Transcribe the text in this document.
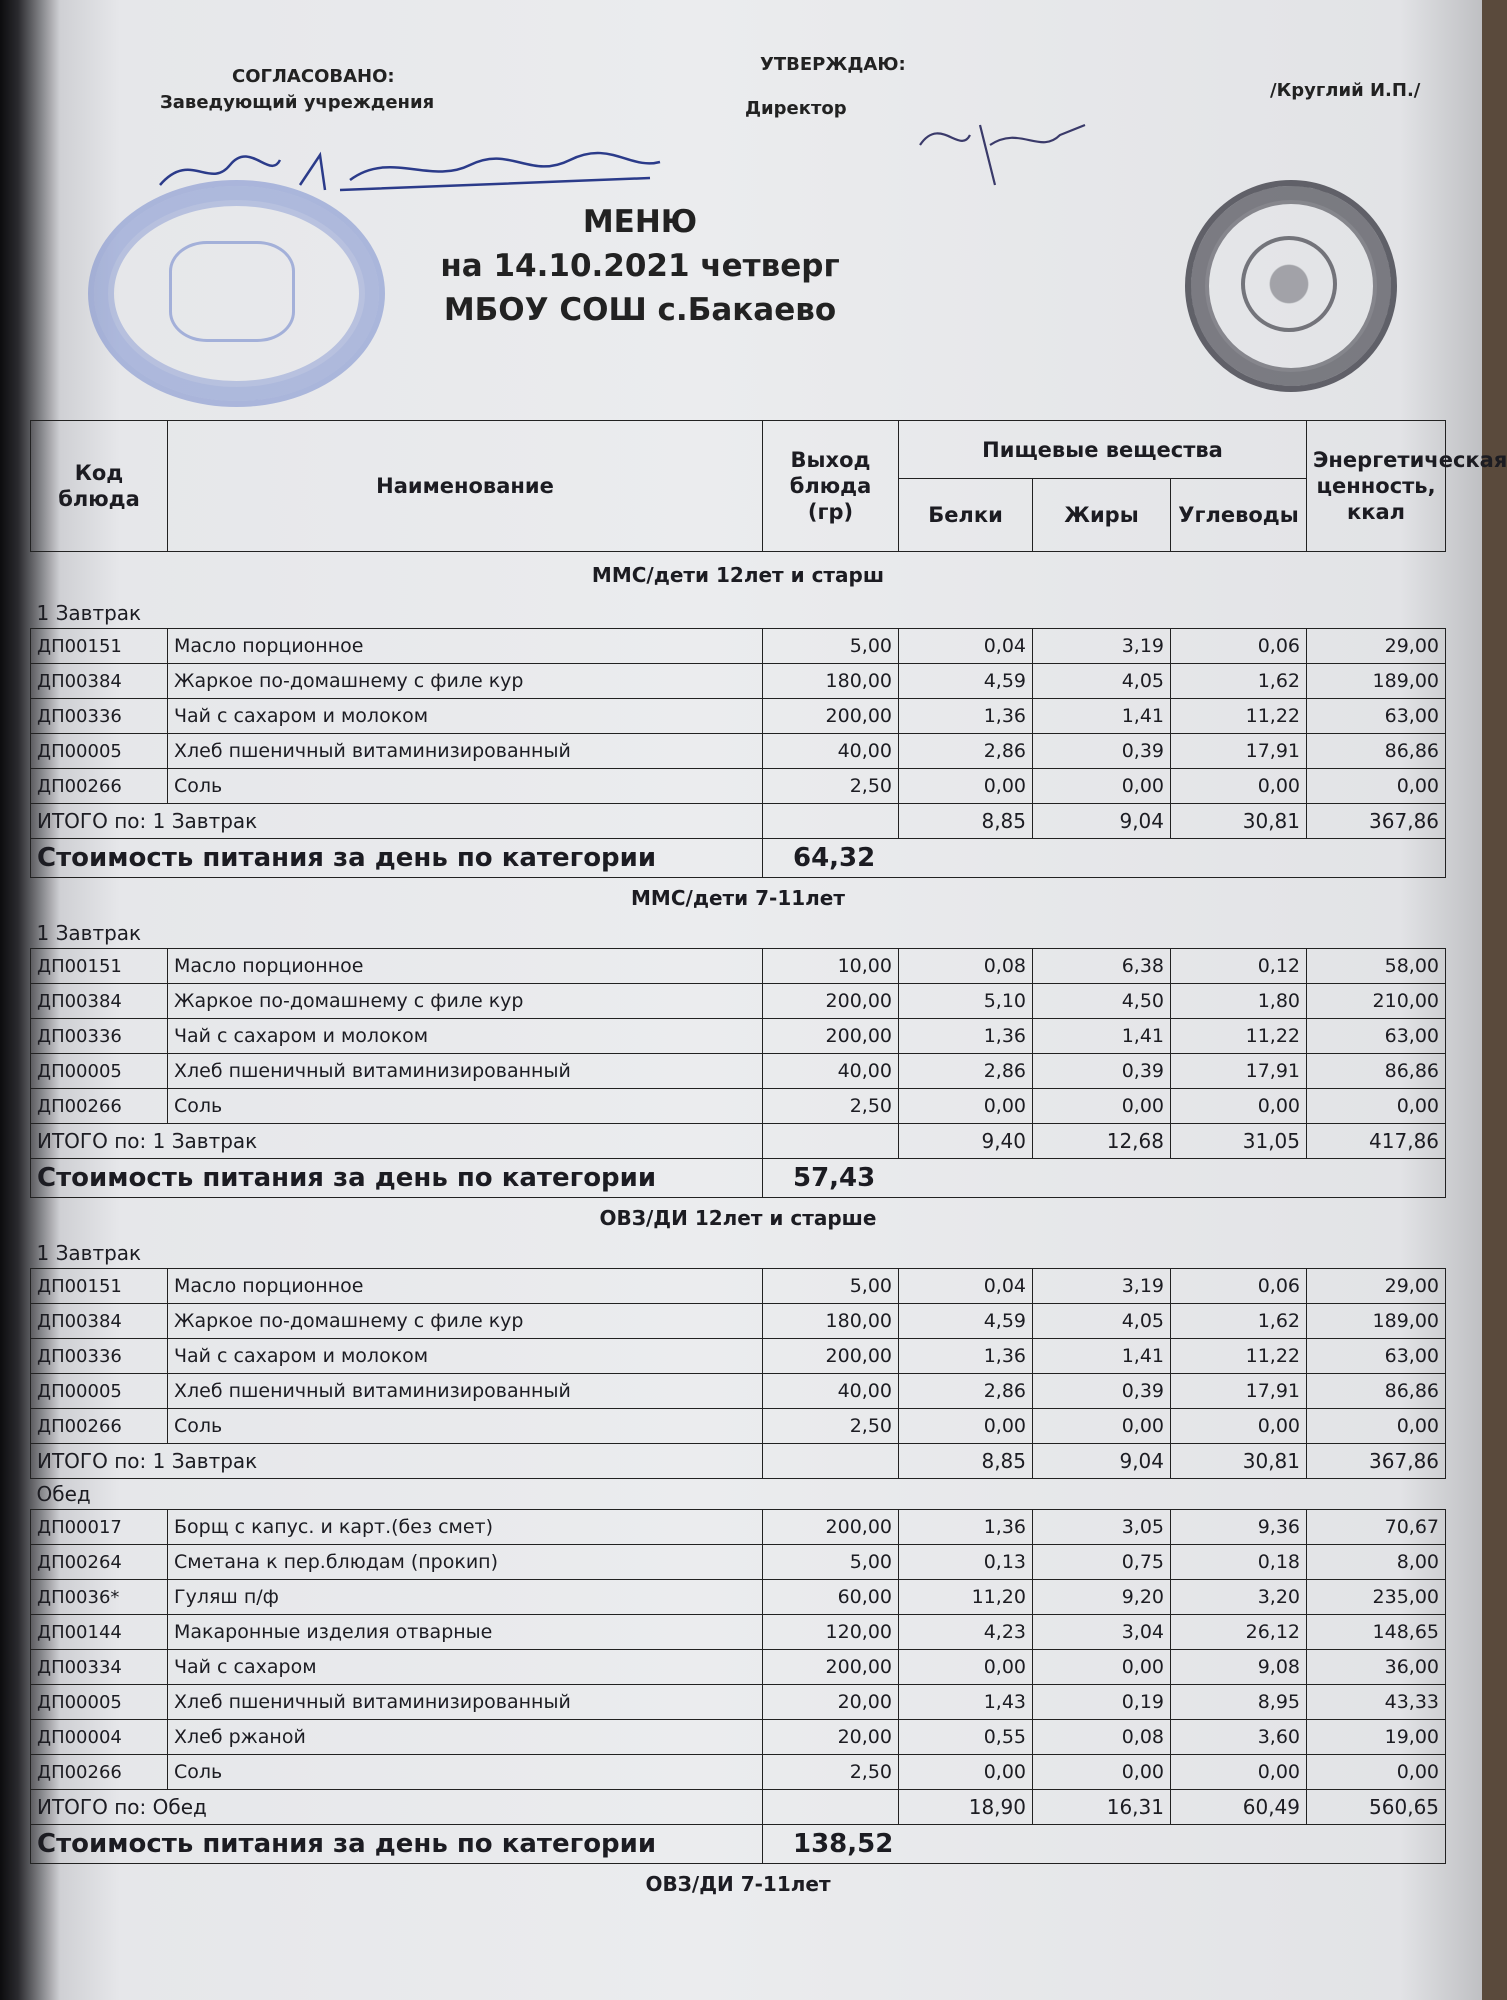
СОГЛАСОВАНО:
Заведующий учреждения
УТВЕРЖДАЮ:
Директор
/Круглий И.П./
МЕНЮ
на 14.10.2021 четверг
МБОУ СОШ с.Бакаево
Код блюда	Наименование	Выход блюда (гр)	Пищевые вещества			Энергетическая ценность, ккал
			Белки	Жиры	Углеводы	
ММС/дети 12лет и старш						
1 Завтрак						
ДП00151	Масло порционное	5,00	0,04	3,19	0,06	29,00
ДП00384	Жаркое по-домашнему с филе кур	180,00	4,59	4,05	1,62	189,00
ДП00336	Чай с сахаром и молоком	200,00	1,36	1,41	11,22	63,00
ДП00005	Хлеб пшеничный витаминизированный	40,00	2,86	0,39	17,91	86,86
ДП00266	Соль	2,50	0,00	0,00	0,00	0,00
ИТОГО по: 1 Завтрак			8,85	9,04	30,81	367,86
Стоимость питания за день по категории		64,32				
ММС/дети 7-11лет						
1 Завтрак						
ДП00151	Масло порционное	10,00	0,08	6,38	0,12	58,00
ДП00384	Жаркое по-домашнему с филе кур	200,00	5,10	4,50	1,80	210,00
ДП00336	Чай с сахаром и молоком	200,00	1,36	1,41	11,22	63,00
ДП00005	Хлеб пшеничный витаминизированный	40,00	2,86	0,39	17,91	86,86
ДП00266	Соль	2,50	0,00	0,00	0,00	0,00
ИТОГО по: 1 Завтрак			9,40	12,68	31,05	417,86
Стоимость питания за день по категории		57,43				
ОВЗ/ДИ 12лет и старше						
1 Завтрак						
ДП00151	Масло порционное	5,00	0,04	3,19	0,06	29,00
ДП00384	Жаркое по-домашнему с филе кур	180,00	4,59	4,05	1,62	189,00
ДП00336	Чай с сахаром и молоком	200,00	1,36	1,41	11,22	63,00
ДП00005	Хлеб пшеничный витаминизированный	40,00	2,86	0,39	17,91	86,86
ДП00266	Соль	2,50	0,00	0,00	0,00	0,00
ИТОГО по: 1 Завтрак			8,85	9,04	30,81	367,86
Обед						
ДП00017	Борщ с капус. и карт.(без смет)	200,00	1,36	3,05	9,36	70,67
ДП00264	Сметана к пер.блюдам (прокип)	5,00	0,13	0,75	0,18	8,00
ДП0036*	Гуляш п/ф	60,00	11,20	9,20	3,20	235,00
ДП00144	Макаронные изделия отварные	120,00	4,23	3,04	26,12	148,65
ДП00334	Чай с сахаром	200,00	0,00	0,00	9,08	36,00
ДП00005	Хлеб пшеничный витаминизированный	20,00	1,43	0,19	8,95	43,33
ДП00004	Хлеб ржаной	20,00	0,55	0,08	3,60	19,00
ДП00266	Соль	2,50	0,00	0,00	0,00	0,00
ИТОГО по: Обед			18,90	16,31	60,49	560,65
Стоимость питания за день по категории		138,52				
ОВЗ/ДИ 7-11лет						
